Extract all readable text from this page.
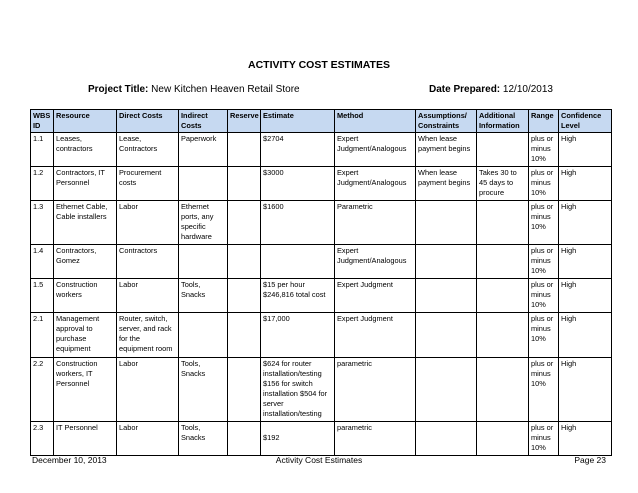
ACTIVITY COST ESTIMATES
Project Title: New Kitchen Heaven Retail Store	Date Prepared: 12/10/2013
WBS ID	Resource	Direct Costs	Indirect Costs	Reserve	Estimate	Method	Assumptions/ Constraints	Additional Information	Range	Confidence Level
1.1	Leases, contractors	Lease, Contractors	Paperwork		$2704	Expert Judgment/Analogous	When lease payment begins		plus or minus 10%	High
1.2	Contractors, IT Personnel	Procurement costs			$3000	Expert Judgment/Analogous	When lease payment begins	Takes 30 to 45 days to procure	plus or minus 10%	High
1.3	Ethernet Cable, Cable installers	Labor	Ethernet ports, any specific hardware		$1600	Parametric			plus or minus 10%	High
1.4	Contractors, Gomez	Contractors				Expert Judgment/Analogous			plus or minus 10%	High
1.5	Construction workers	Labor	Tools, Snacks		$15 per hour $246,816 total cost	Expert Judgment			plus or minus 10%	High
2.1	Management approval to purchase equipment	Router, switch, server, and rack for the equipment room			$17,000	Expert Judgment			plus or minus 10%	High
2.2	Construction workers, IT Personnel	Labor	Tools, Snacks		$624 for router installation/testing $156 for switch installation $504 for server installation/testing	parametric			plus or minus 10%	High
2.3	IT Personnel	Labor	Tools, Snacks		$192	parametric			plus or minus 10%	High
December 10, 2013	Activity Cost Estimates	Page 23
